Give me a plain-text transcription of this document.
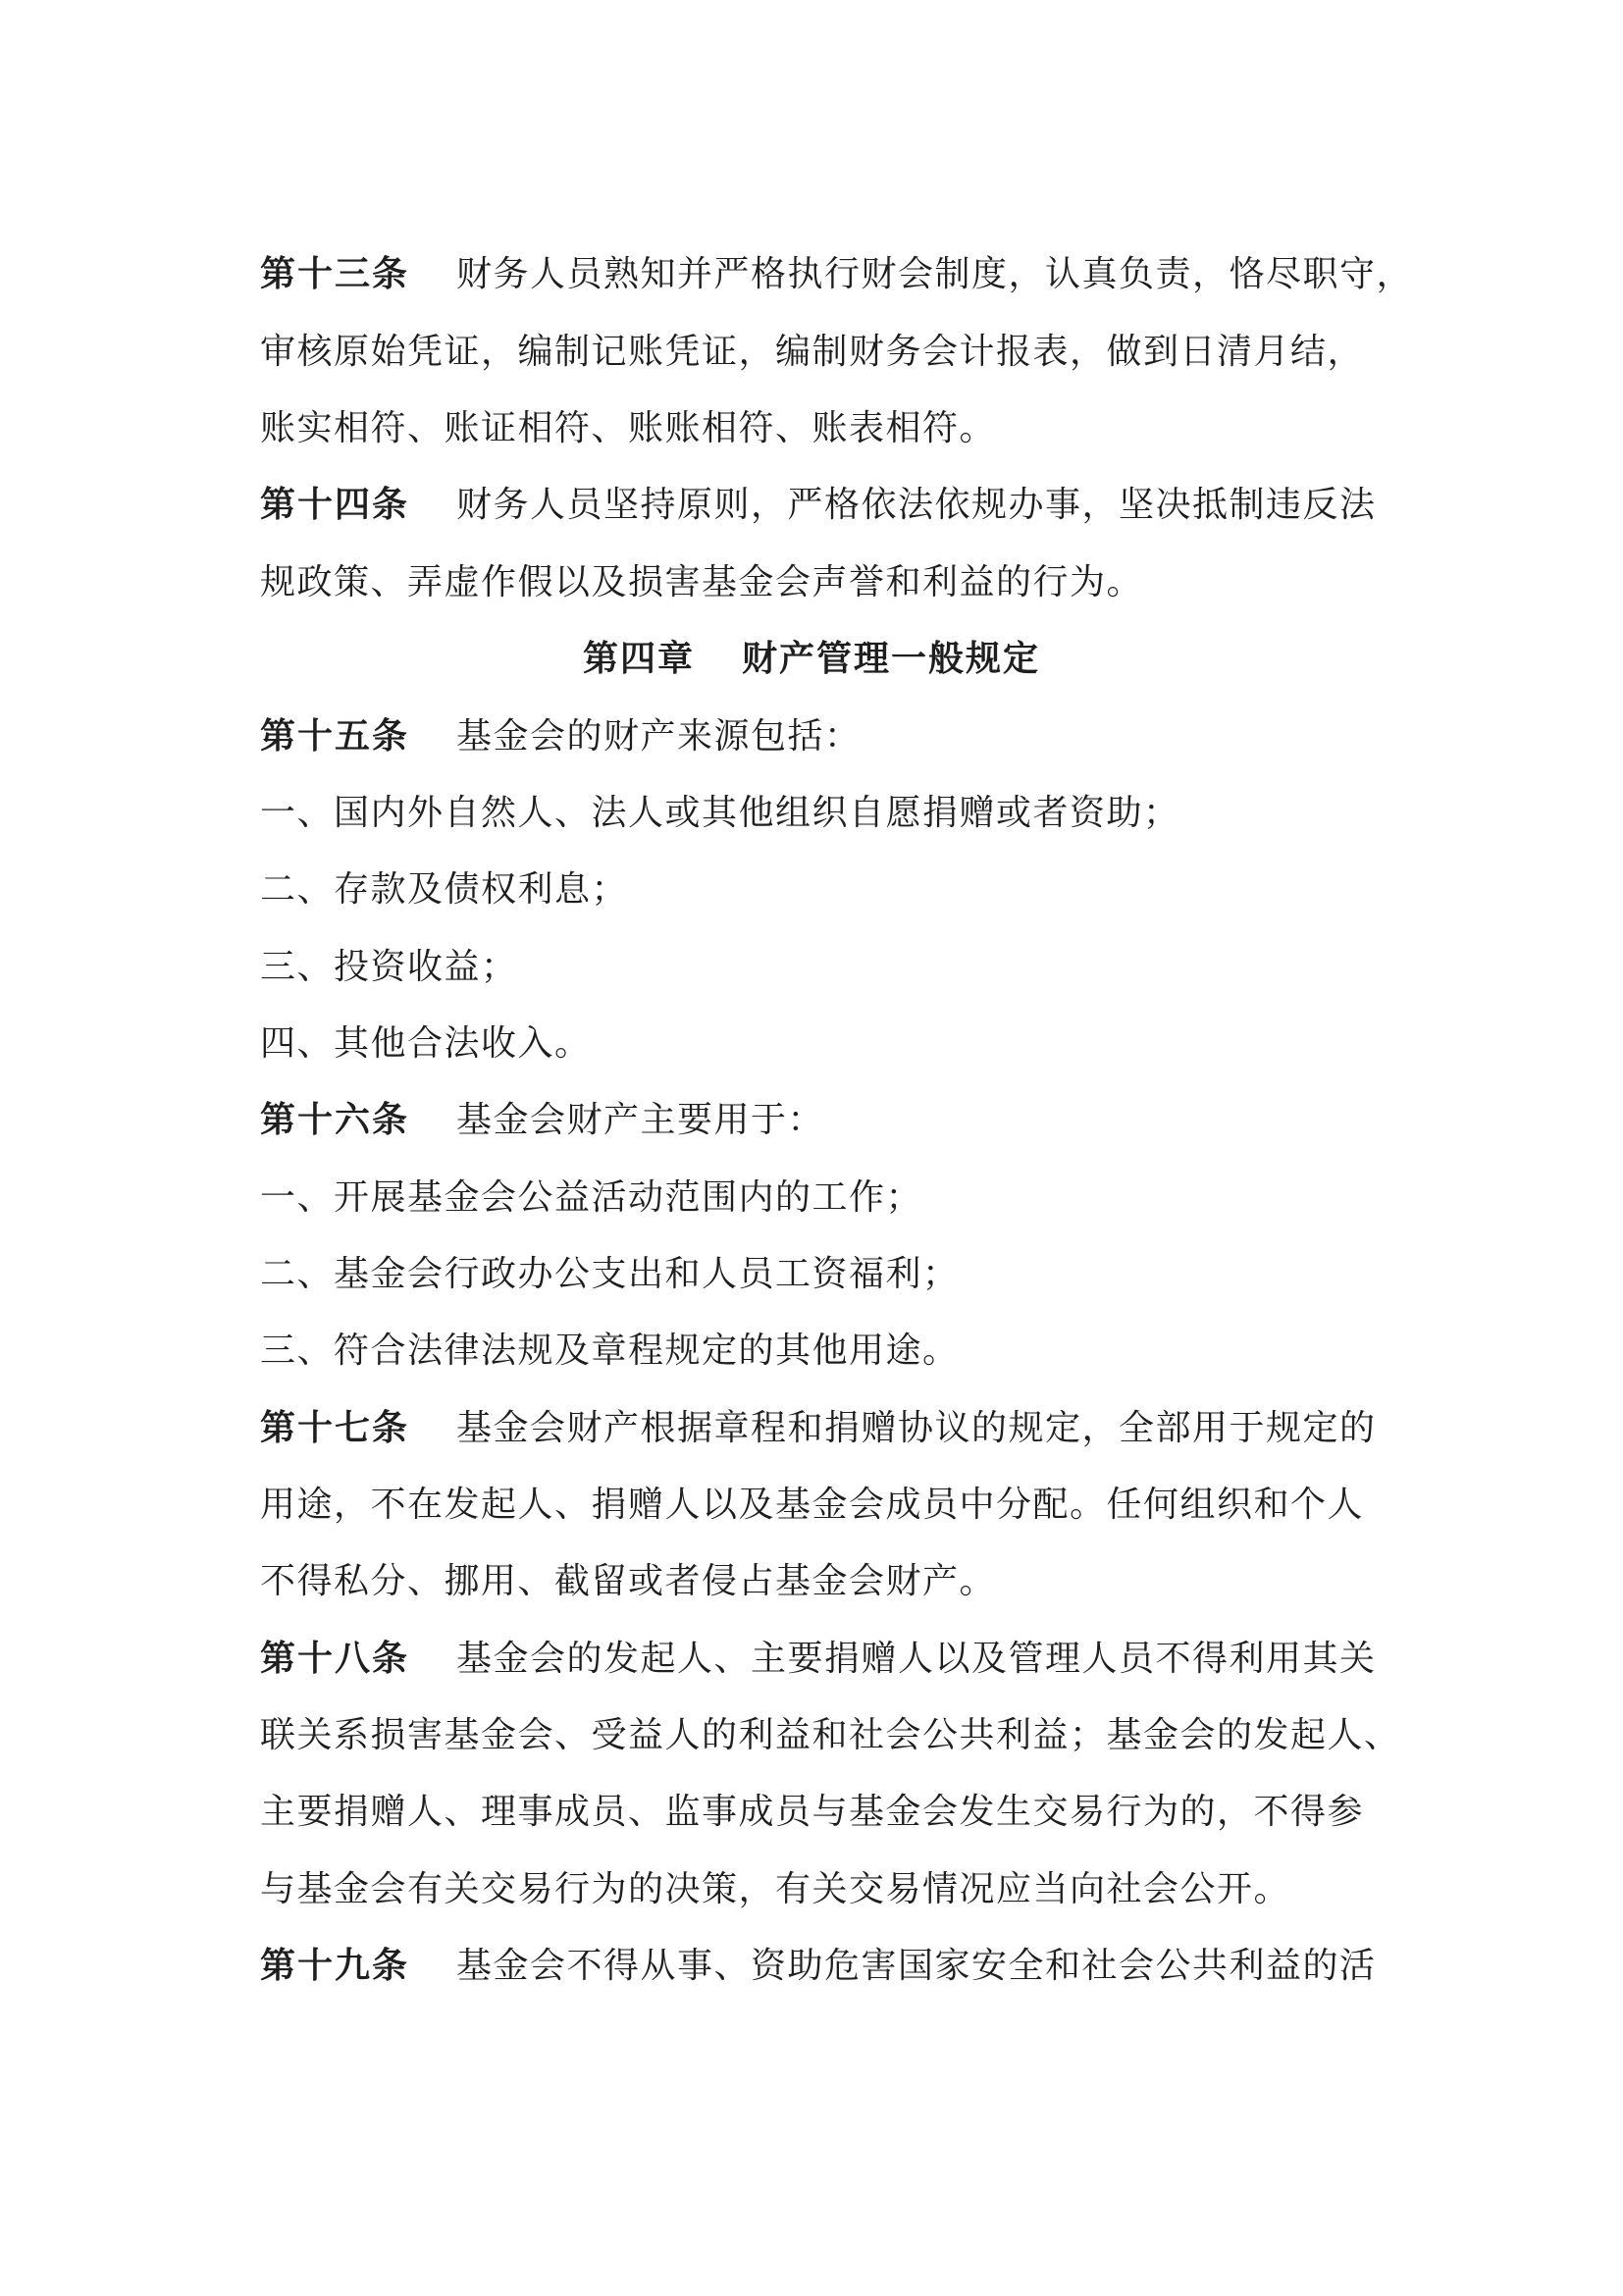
第十三条 财务人员熟知并严格执行财会制度，认真负责，恪尽职守，
审核原始凭证，编制记账凭证，编制财务会计报表，做到日清月结，
账实相符、账证相符、账账相符、账表相符。
第十四条 财务人员坚持原则，严格依法依规办事，坚决抵制违反法
规政策、弄虚作假以及损害基金会声誉和利益的行为。
第四章 财产管理一般规定
第十五条 基金会的财产来源包括：
一、国内外自然人、法人或其他组织自愿捐赠或者资助；
二、存款及债权利息；
三、投资收益；
四、其他合法收入。
第十六条 基金会财产主要用于：
一、开展基金会公益活动范围内的工作；
二、基金会行政办公支出和人员工资福利；
三、符合法律法规及章程规定的其他用途。
第十七条 基金会财产根据章程和捐赠协议的规定，全部用于规定的
用途，不在发起人、捐赠人以及基金会成员中分配。任何组织和个人
不得私分、挪用、截留或者侵占基金会财产。
第十八条 基金会的发起人、主要捐赠人以及管理人员不得利用其关
联关系损害基金会、受益人的利益和社会公共利益；基金会的发起人、
主要捐赠人、理事成员、监事成员与基金会发生交易行为的，不得参
与基金会有关交易行为的决策，有关交易情况应当向社会公开。
第十九条 基金会不得从事、资助危害国家安全和社会公共利益的活
